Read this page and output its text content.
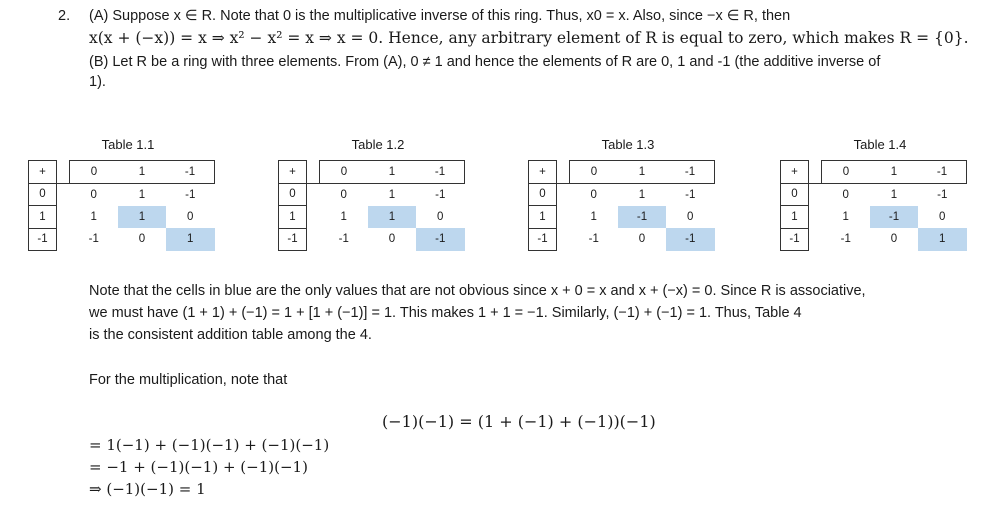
2. (A) Suppose x ∈ R. Note that 0 is the multiplicative inverse of this ring. Thus, x0 = x. Also, since −x ∈ R, then
x(x + (−x)) = x ⇒ x² − x² = x ⇒ x = 0. Hence, any arbitrary element of R is equal to zero, which makes R = {0}.
(B) Let R be a ring with three elements. From (A), 0 ≠ 1 and hence the elements of R are 0, 1 and -1 (the additive inverse of
1).
Table 1.1	Table 1.2	Table 1.3	Table 1.4
+		0	1	-1
0		0	1	-1
1		1	1	0
-1		-1	0	1
+		0	1	-1
0		0	1	-1
1		1	1	0
-1		-1	0	-1
+		0	1	-1
0		0	1	-1
1		1	-1	0
-1		-1	0	-1
+		0	1	-1
0		0	1	-1
1		1	-1	0
-1		-1	0	1
Note that the cells in blue are the only values that are not obvious since x + 0 = x and x + (−x) = 0. Since R is associative,
we must have (1 + 1) + (−1) = 1 + [1 + (−1)] = 1. This makes 1 + 1 = −1. Similarly, (−1) + (−1) = 1. Thus, Table 4
is the consistent addition table among the 4.
For the multiplication, note that
(−1)(−1) = (1 + (−1) + (−1))(−1)
= 1(−1) + (−1)(−1) + (−1)(−1)
= −1 + (−1)(−1) + (−1)(−1)
⇒ (−1)(−1) = 1
